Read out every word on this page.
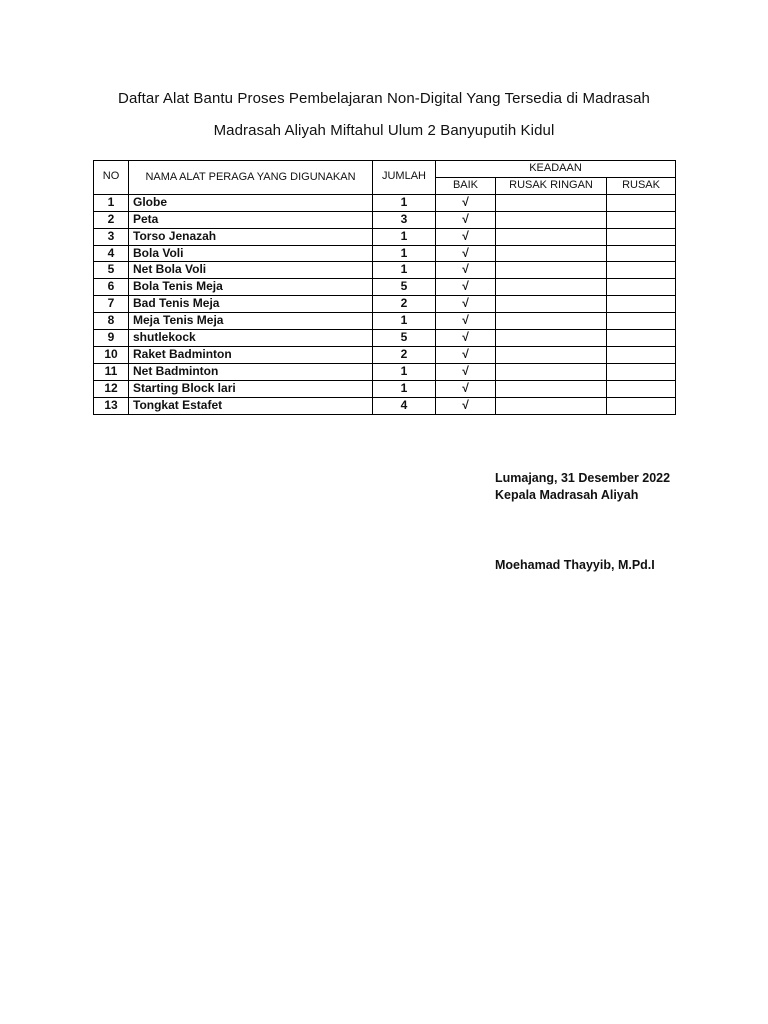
Daftar Alat Bantu Proses Pembelajaran Non-Digital Yang Tersedia di Madrasah
Madrasah Aliyah Miftahul Ulum 2 Banyuputih Kidul
NO	NAMA ALAT PERAGA YANG DIGUNAKAN	JUMLAH	KEADAAN		
			BAIK	RUSAK RINGAN	RUSAK
1	Globe	1	√		
2	Peta	3	√		
3	Torso Jenazah	1	√		
4	Bola Voli	1	√		
5	Net Bola Voli	1	√		
6	Bola Tenis Meja	5	√		
7	Bad Tenis Meja	2	√		
8	Meja Tenis Meja	1	√		
9	shutlekock	5	√		
10	Raket Badminton	2	√		
11	Net Badminton	1	√		
12	Starting Block lari	1	√		
13	Tongkat Estafet	4	√		
Lumajang, 31 Desember 2022
Kepala Madrasah Aliyah
Moehamad Thayyib, M.Pd.I
